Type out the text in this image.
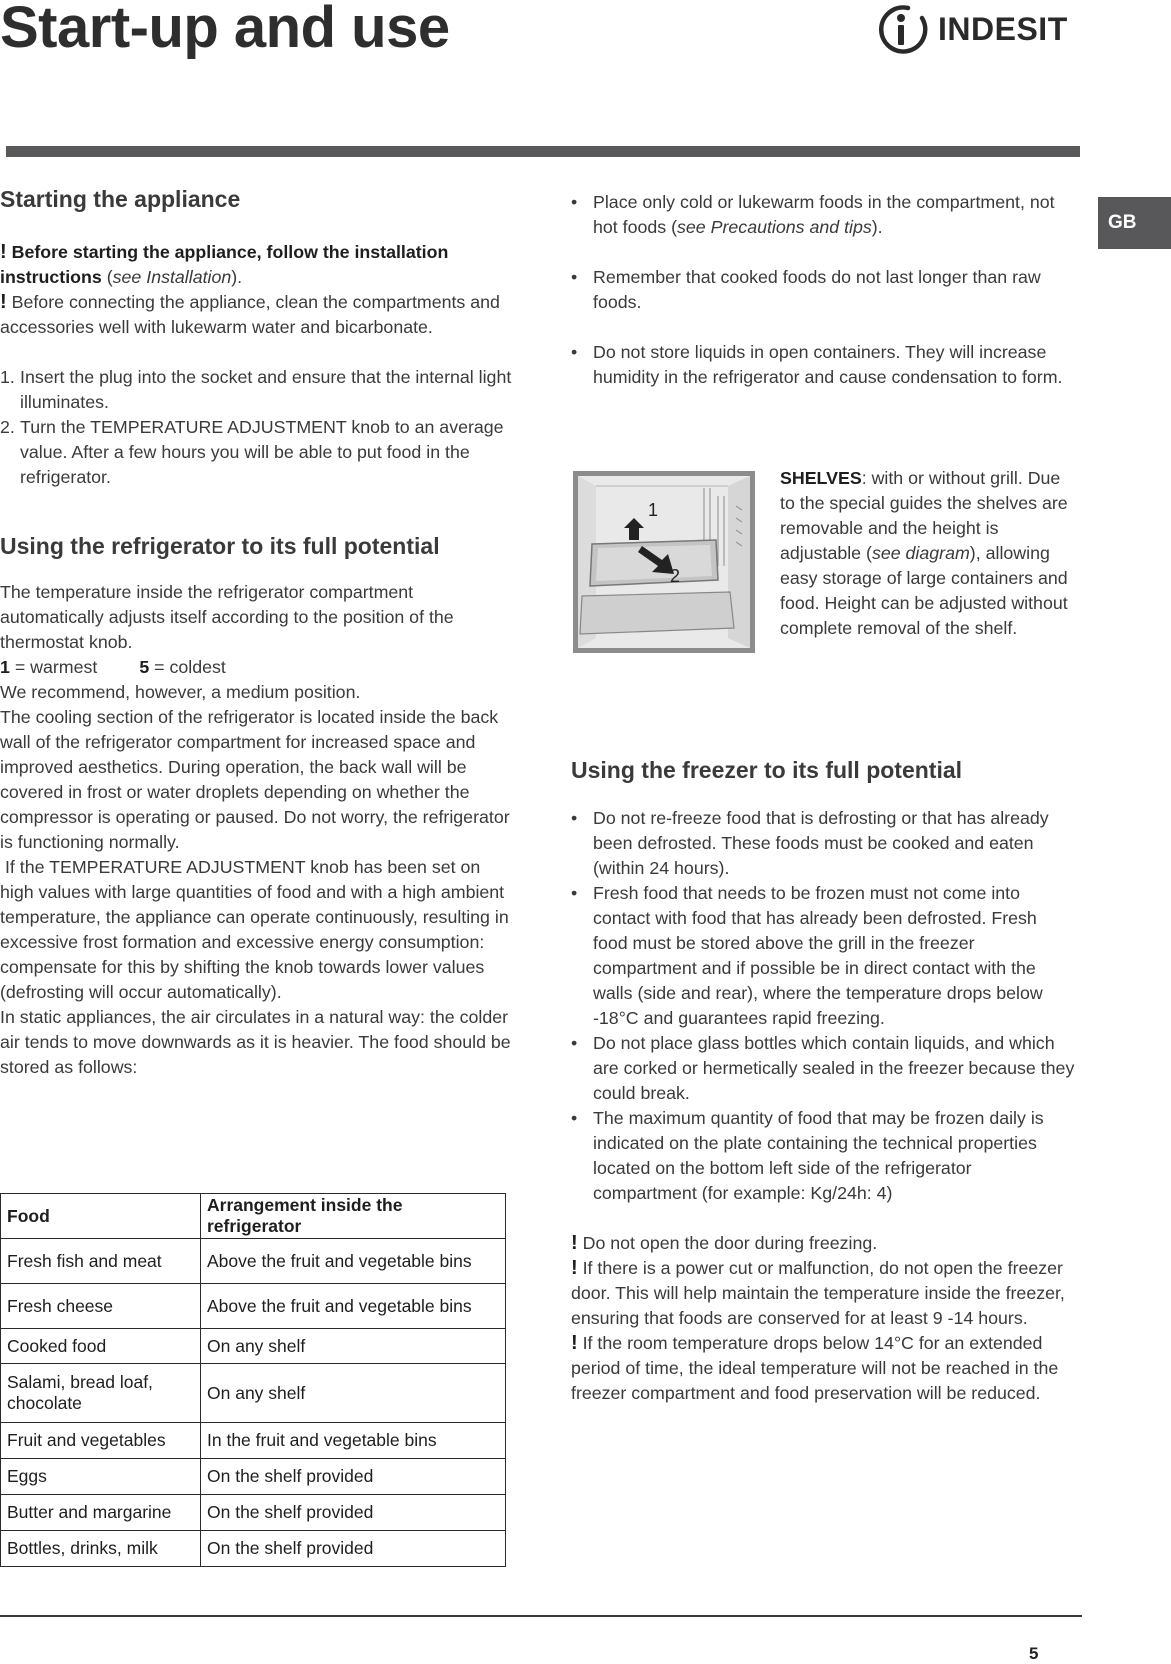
Start-up and use	INDESIT
GB
Starting the appliance

! Before starting the appliance, follow the installation instructions (see Installation).

! Before connecting the appliance, clean the compartments and accessories well with lukewarm water and bicarbonate.

1. Insert the plug into the socket and ensure that the internal light illuminates.
2. Turn the TEMPERATURE ADJUSTMENT knob to an average value. After a few hours you will be able to put food in the refrigerator.
Using the refrigerator to its full potential

The temperature inside the refrigerator compartment automatically adjusts itself according to the position of the thermostat knob.

1 = warmest 5 = coldest

We recommend, however, a medium position.

The cooling section of the refrigerator is located inside the back wall of the refrigerator compartment for increased space and improved aesthetics. During operation, the back wall will be covered in frost or water droplets depending on whether the compressor is operating or paused. Do not worry, the refrigerator is functioning normally.

If the TEMPERATURE ADJUSTMENT knob has been set on high values with large quantities of food and with a high ambient temperature, the appliance can operate continuously, resulting in excessive frost formation and excessive energy consumption: compensate for this by shifting the knob towards lower values (defrosting will occur automatically).

In static appliances, the air circulates in a natural way: the colder air tends to move downwards as it is heavier. The food should be stored as follows:

Food	Arrangement inside the refrigerator
Fresh fish and meat	Above the fruit and vegetable bins
Fresh cheese	Above the fruit and vegetable bins
Cooked food	On any shelf
Salami, bread loaf, chocolate	On any shelf
Fruit and vegetables	In the fruit and vegetable bins
Eggs	On the shelf provided
Butter and margarine	On the shelf provided
Bottles, drinks, milk	On the shelf provided
• Place only cold or lukewarm foods in the compartment, not hot foods (see Precautions and tips).
• Remember that cooked foods do not last longer than raw foods.
• Do not store liquids in open containers. They will increase humidity in the refrigerator and cause condensation to form.
1
2
SHELVES: with or without grill. Due to the special guides the shelves are removable and the height is adjustable (see diagram), allowing easy storage of large containers and food. Height can be adjusted without complete removal of the shelf.
Using the freezer to its full potential
• Do not re-freeze food that is defrosting or that has already been defrosted. These foods must be cooked and eaten (within 24 hours).
• Fresh food that needs to be frozen must not come into contact with food that has already been defrosted. Fresh food must be stored above the grill in the freezer compartment and if possible be in direct contact with the walls (side and rear), where the temperature drops below -18°C and guarantees rapid freezing.
• Do not place glass bottles which contain liquids, and which are corked or hermetically sealed in the freezer because they could break.
• The maximum quantity of food that may be frozen daily is indicated on the plate containing the technical properties located on the bottom left side of the refrigerator compartment (for example: Kg/24h: 4)

! Do not open the door during freezing.

! If there is a power cut or malfunction, do not open the freezer door. This will help maintain the temperature inside the freezer, ensuring that foods are conserved for at least 9 -14 hours.

! If the room temperature drops below 14°C for an extended period of time, the ideal temperature will not be reached in the freezer compartment and food preservation will be reduced.

5
